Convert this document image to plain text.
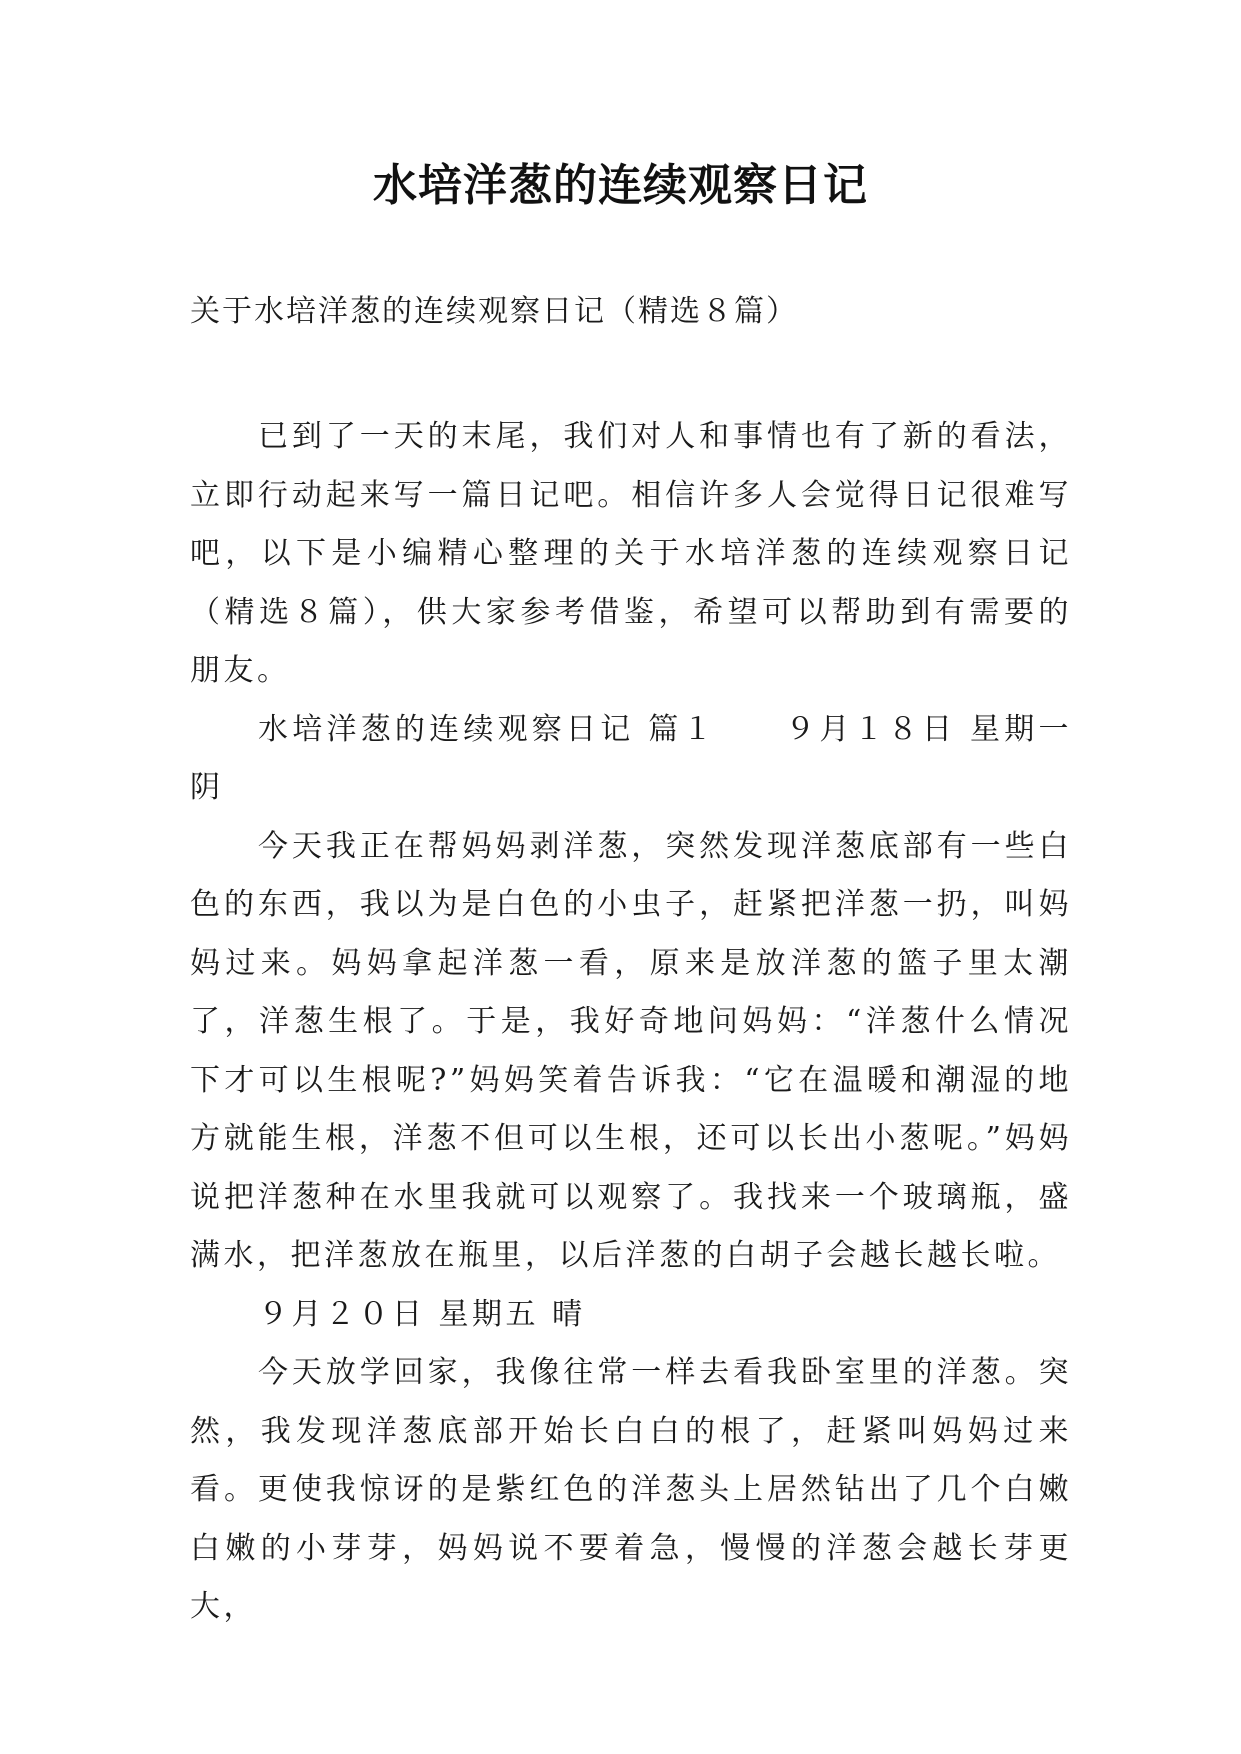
水培洋葱的连续观察日记
关于水培洋葱的连续观察日记（精选８篇）

已到了一天的末尾，我们对人和事情也有了新的看法，立即行动起来写一篇日记吧。相信许多人会觉得日记很难写吧，以下是小编精心整理的关于水培洋葱的连续观察日记（精选８篇），供大家参考借鉴，希望可以帮助到有需要的朋友。

水培洋葱的连续观察日记 篇１　　９月１８日 星期一 阴

今天我正在帮妈妈剥洋葱，突然发现洋葱底部有一些白色的东西，我以为是白色的小虫子，赶紧把洋葱一扔，叫妈妈过来。妈妈拿起洋葱一看，原来是放洋葱的篮子里太潮了，洋葱生根了。于是，我好奇地问妈妈：“洋葱什么情况下才可以生根呢?”妈妈笑着告诉我：“它在温暖和潮湿的地方就能生根，洋葱不但可以生根，还可以长出小葱呢。”妈妈说把洋葱种在水里我就可以观察了。我找来一个玻璃瓶，盛满水，把洋葱放在瓶里，以后洋葱的白胡子会越长越长啦。

９月２０日 星期五 晴

今天放学回家，我像往常一样去看我卧室里的洋葱。突然，我发现洋葱底部开始长白白的根了，赶紧叫妈妈过来看。更使我惊讶的是紫红色的洋葱头上居然钻出了几个白嫩白嫩的小芽芽，妈妈说不要着急，慢慢的洋葱会越长芽更大，
